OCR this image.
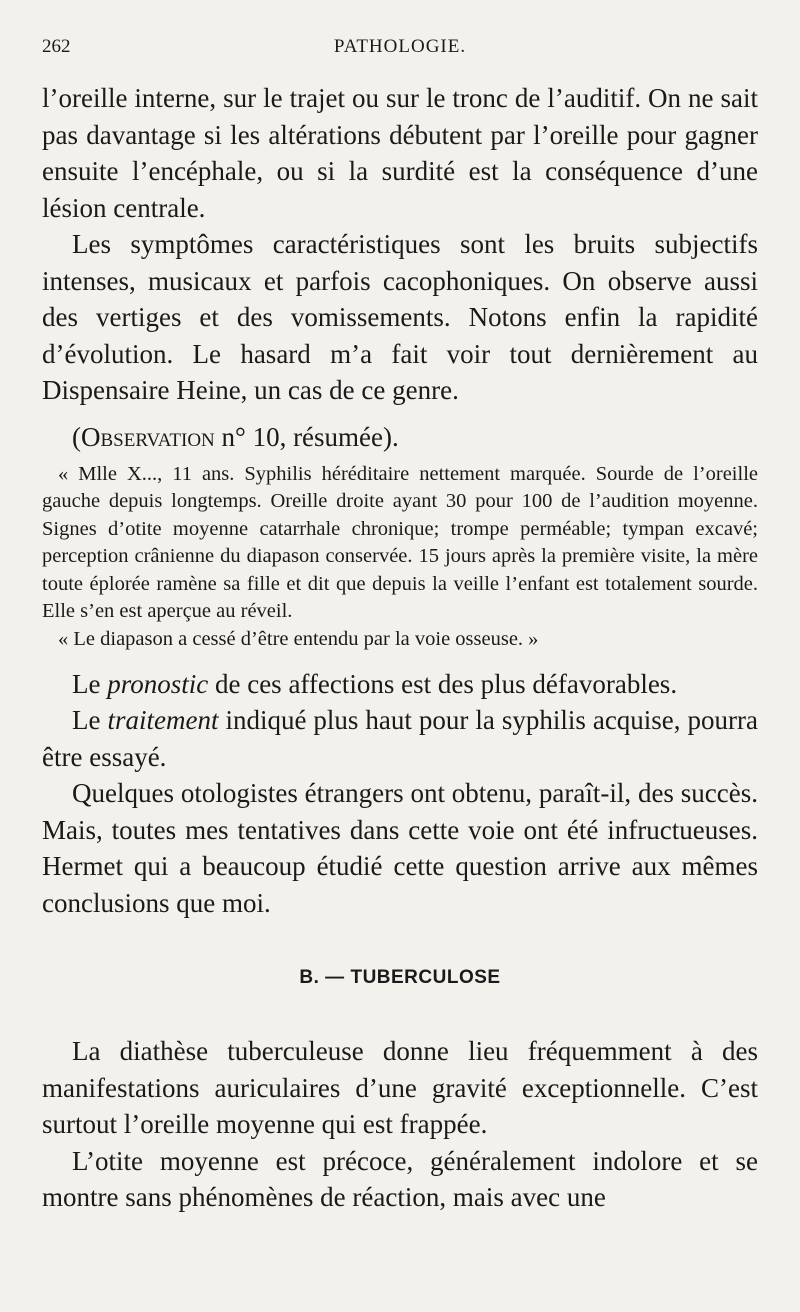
262	PATHOLOGIE.

l’oreille interne, sur le trajet ou sur le tronc de l’auditif. On ne sait pas davantage si les altérations débutent par l’oreille pour gagner ensuite l’encéphale, ou si la surdité est la conséquence d’une lésion centrale.

Les symptômes caractéristiques sont les bruits subjectifs intenses, musicaux et parfois cacophoniques. On observe aussi des vertiges et des vomissements. Notons enfin la rapidité d’évolution. Le hasard m’a fait voir tout dernièrement au Dispensaire Heine, un cas de ce genre.

(Observation n° 10, résumée).

« Mlle X..., 11 ans. Syphilis héréditaire nettement marquée. Sourde de l’oreille gauche depuis longtemps. Oreille droite ayant 30 pour 100 de l’audition moyenne. Signes d’otite moyenne catarrhale chronique; trompe perméable; tympan excavé; perception crânienne du diapason conservée. 15 jours après la première visite, la mère toute éplorée ramène sa fille et dit que depuis la veille l’enfant est totalement sourde. Elle s’en est aperçue au réveil.

« Le diapason a cessé d’être entendu par la voie osseuse. »

Le pronostic de ces affections est des plus défavorables.

Le traitement indiqué plus haut pour la syphilis acquise, pourra être essayé.

Quelques otologistes étrangers ont obtenu, paraît-il, des succès. Mais, toutes mes tentatives dans cette voie ont été infructueuses. Hermet qui a beaucoup étudié cette question arrive aux mêmes conclusions que moi.

B. — TUBERCULOSE

La diathèse tuberculeuse donne lieu fréquemment à des manifestations auriculaires d’une gravité exceptionnelle. C’est surtout l’oreille moyenne qui est frappée.

L’otite moyenne est précoce, généralement indolore et se montre sans phénomènes de réaction, mais avec une
